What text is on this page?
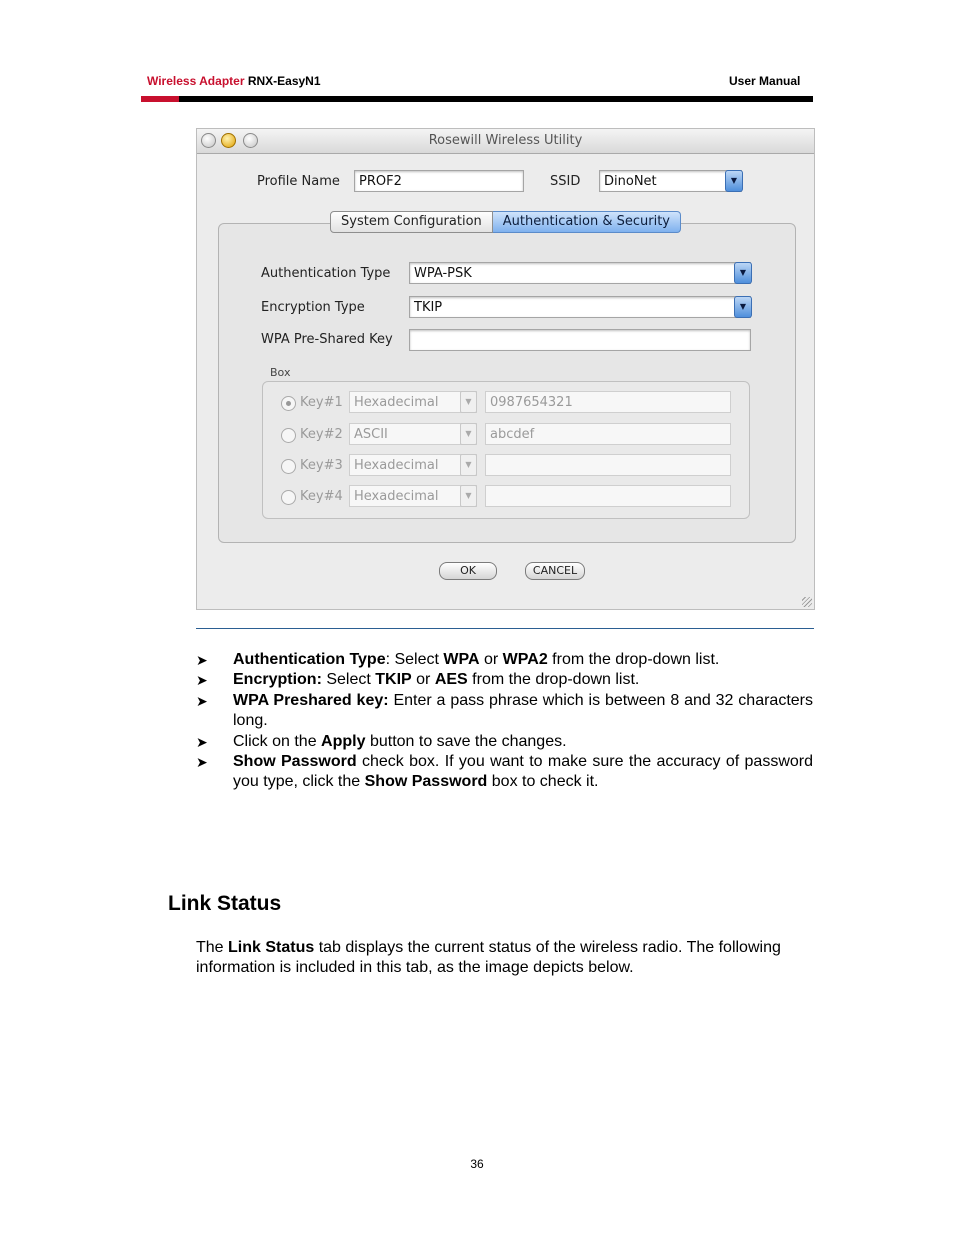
Wireless Adapter RNX-EasyN1	User Manual
Rosewill Wireless Utility
Profile Name	PROF2	SSID	DinoNet	▼
Authentication Type	WPA-PSK	▼
Encryption Type	TKIP	▼
WPA Pre-Shared Key
Box
System Configuration	Authentication & Security
Key#1 Hexadecimal	▼	0987654321
Key#2 ASCII	▼	abcdef
Key#3 Hexadecimal	▼
Key#4 Hexadecimal	▼
OK	CANCEL
➤ Authentication Type: Select WPA or WPA2 from the drop-down list.
➤ Encryption: Select TKIP or AES from the drop-down list.
➤ WPA Preshared key: Enter a pass phrase which is between 8 and 32 characters long.
➤ Click on the Apply button to save the changes.
➤ Show Password check box. If you want to make sure the accuracy of password you type, click the Show Password box to check it.
Link Status
The Link Status tab displays the current status of the wireless radio. The following information is included in this tab, as the image depicts below.
36
